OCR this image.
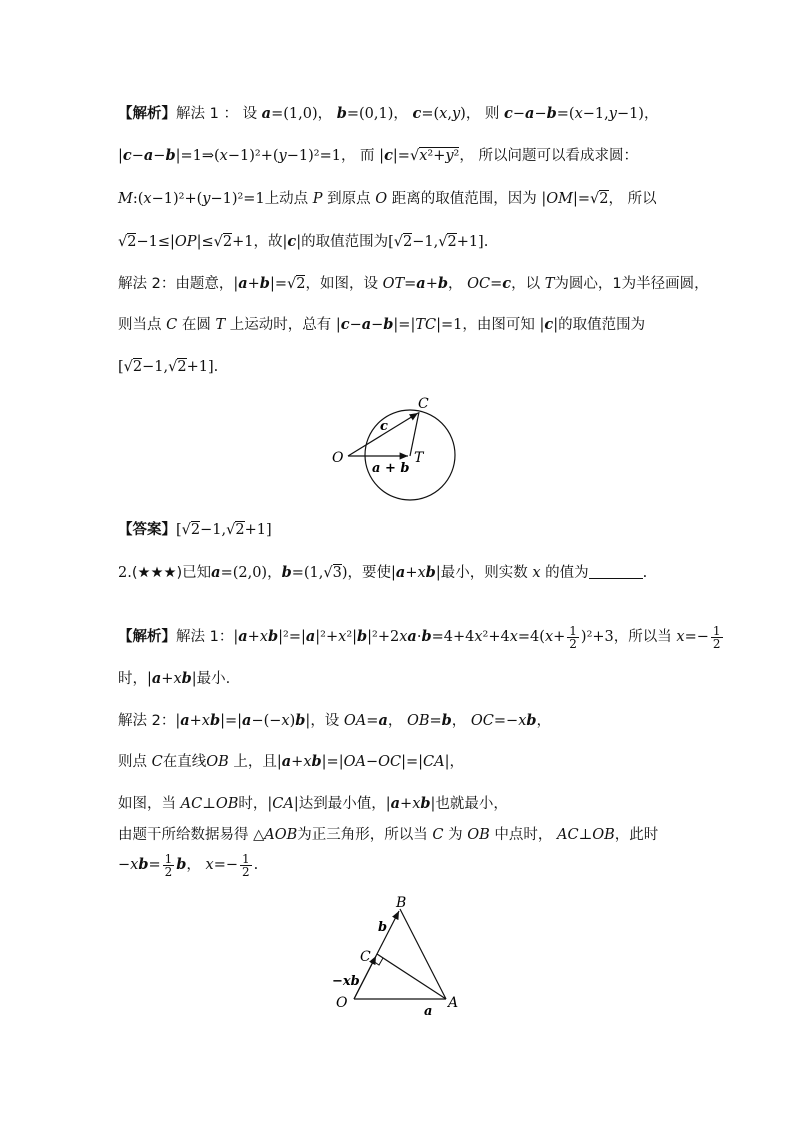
【解析】解法 1 ： 设 a=(1,0)， b=(0,1)， c=(x,y)， 则 c−a−b=(x−1,y−1)，
|c−a−b|=1⇒(x−1)²+(y−1)²=1， 而 |c|=√x²+y²， 所以问题可以看成求圆：
M:(x−1)²+(y−1)²=1上动点 P 到原点 O 距离的取值范围，因为 |OM|=√2， 所以
√2−1≤|OP|≤√2+1，故|c|的取值范围为[√2−1,√2+1].
解法 2：由题意，|a+b|=√2，如图，设 OT=a+b， OC=c，以 T为圆心，1为半径画圆，
则当点 C 在圆 T 上运动时，总有 |c−a−b|=|TC|=1，由图可知 |c|的取值范围为
[√2−1,√2+1].
O
C
T
c
a + b
【答案】[√2−1,√2+1]
2.(★★★)已知a=(2,0)，b=(1,√3)，要使|a+xb|最小，则实数 x 的值为	.
【解析】解法 1：$|a+xb|^2=|a|^2+x^2|b|^2+2xa\cdot b=4+4x^2+4x=4(x+ \frac{1}{2} )^2+3$，所以当 $x=- \frac{1}{2}$
时，|a+xb|最小.
解法 2：|a+xb|=|a−(−x)b|，设 OA=a， OB=b， OC=−xb，
则点 C在直线OB 上，且|a+xb|=|OA−OC|=|CA|，
如图，当 AC⊥OB时，|CA|达到最小值，|a+xb|也就最小，
由题干所给数据易得 △AOB为正三角形，所以当 C 为 OB 中点时， AC⊥OB，此时
$-xb= \frac{1}{2}$ b， $x=- \frac{1}{2}$ .
O	A
B
C
b
a
−xb
